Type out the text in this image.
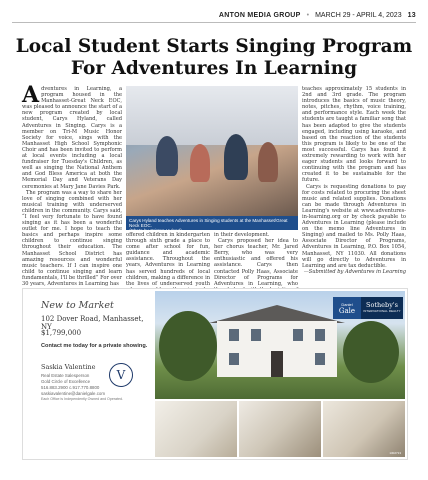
ANTON MEDIA GROUP • MARCH 29 - APRIL 4, 2023 13
Local Student Starts Singing Program
For Adventures In Learning
A dventures in Learning, a program housed in the Manhasset-Great Neck EOC, was pleased to announce the start of a new program created by local student, Carys Hyland, called Adventures in Singing. Carys is a member on Tri-M Music Honor Society for voice, sings with the Manhasset High School Symphonic Choir and has been invited to perform at local events including a local fundraiser for Tuesday's Children, as well as singing the National Anthem and God Bless America at both the Memorial Day and Veterans Day ceremonies at Mary Jane Davies Park.
The program was a way to share her love of singing combined with her musical training with underserved children in the community. Carys said, “I feel very fortunate to have found singing as it has been a wonderful outlet for me. I hope to teach the basics and perhaps inspire some children to continue singing throughout their education. The Manhasset School District has amazing resources and wonderful music teachers. If I can inspire one child to continue singing and learn fundamentals, I'll be thrilled” For over 30 years, Adventures in Learning has
Carys Hyland teaches Adventures in Singing students at the Manhasset/Great Neck EOC.
(Photo by Cristen Hyland)
offered children in kindergarten through sixth grade a place to come after school for fun, guidance and academic assistance. Throughout the years, Adventures in Learning has served hundreds of local children, making a difference in the lives of underserved youth
in their development.
Carys proposed her idea to her chorus teacher, Mr. Jared Berry, who was very enthusiastic and offered his assistance. Carys then contacted Polly Haas, Associate Director of Programs for Adventures in Learning, who
teaches approximately 15 students in 2nd and 3rd grade. The program introduces the basics of music theory, notes, pitches, rhythm, voice training, and performance style. Each week the students are taught a familiar song that has been adapted to give the students engaged, including using karaoke, and based on the reaction of the students this program is likely to be one of the most successful. Carys has found it extremely rewarding to work with her eager students and looks forward to continuing with the program and has created it to be sustainable for the future.
Carys is requesting donations to pay for costs related to procuring the sheet music and related supplies. Donations can be made through Adventures in Learning's website at www.adventures-in-learning.org or by check payable to Adventures in Learning (please include on the memo line Adventures in Singing) and mailed to Ms. Polly Haas, Associate Director of Programs, Adventures in Learning, P.O. Box 1054, Manhasset, NY 11030. All donations will go directly to Adventures in Learning and are tax deductible.
—Submitted by Adventures in Learning
New to Market
102 Dover Road, Manhasset, NY
$1,799,000
Contact me today for a private showing.
Saskia Valentine
Real Estate Salesperson
Gold Circle of Excellence
516.883.2900 c.917.770.8800
saskiavalentine@danielgale.com
V
Each Office is Independently Owned and Operated.
Daniel
Gale
Sotheby's
INTERNATIONAL REALTY
1302713
